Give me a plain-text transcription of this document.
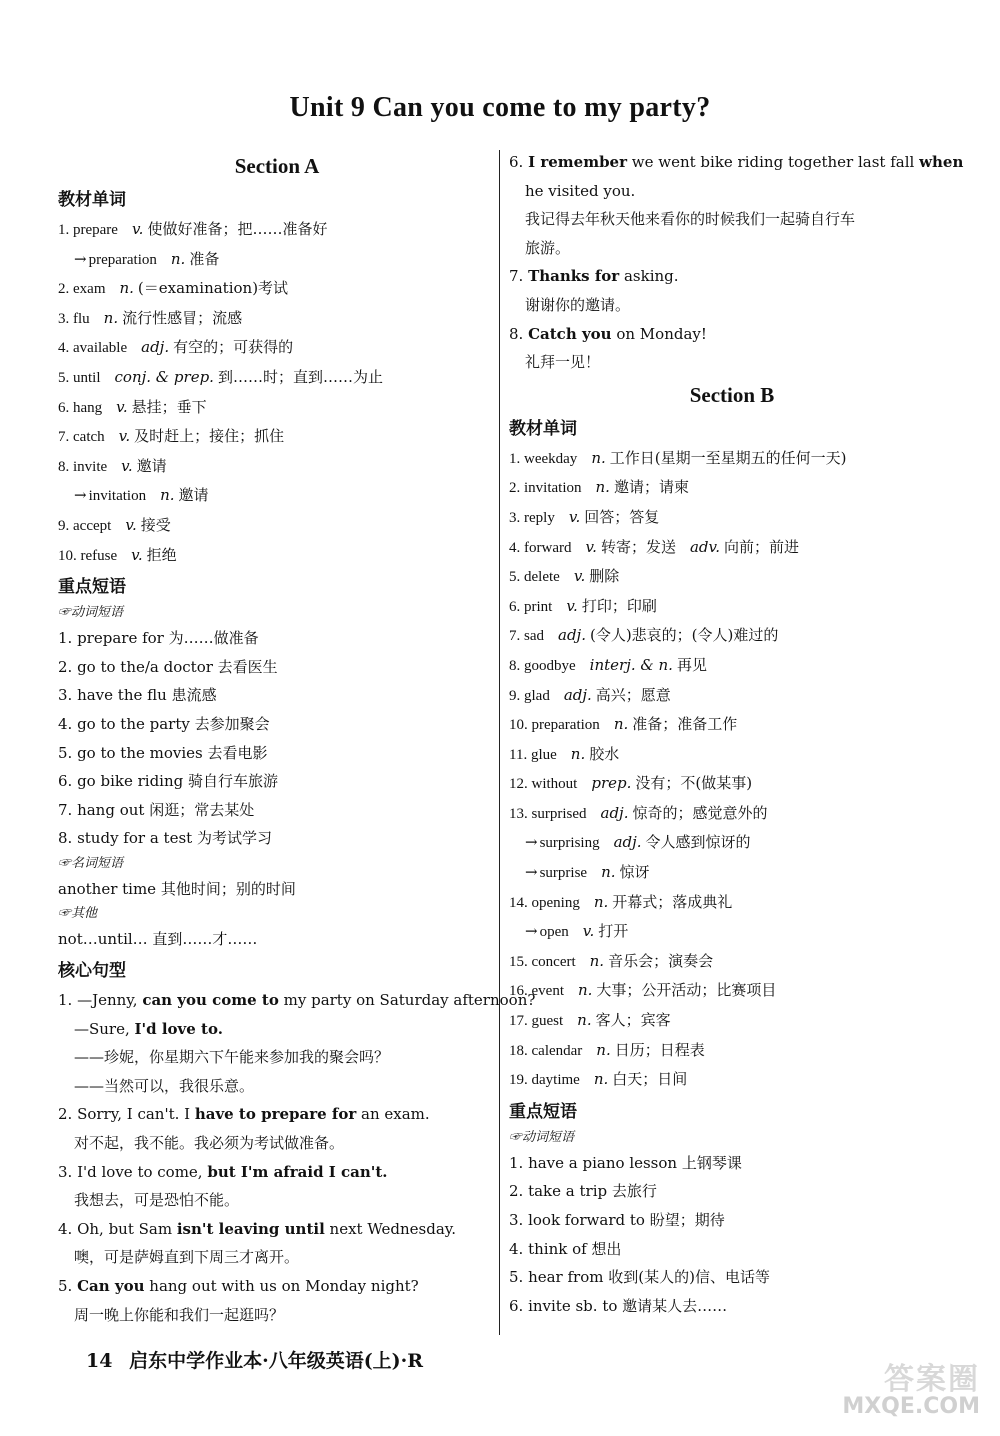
Unit 9 Can you come to my party?
Section A
教材单词
1. prepare v. 使做好准备；把……准备好
→ preparation n. 准备
2. exam n. (＝examination)考试
3. flu n. 流行性感冒；流感
4. available adj. 有空的；可获得的
5. until conj. & prep. 到……时；直到……为止
6. hang v. 悬挂；垂下
7. catch v. 及时赶上；接住；抓住
8. invite v. 邀请
→ invitation n. 邀请
9. accept v. 接受
10. refuse v. 拒绝
重点短语
☞动词短语
1. prepare for 为……做准备
2. go to the/a doctor 去看医生
3. have the flu 患流感
4. go to the party 去参加聚会
5. go to the movies 去看电影
6. go bike riding 骑自行车旅游
7. hang out 闲逛；常去某处
8. study for a test 为考试学习
☞名词短语
another time 其他时间；别的时间
☞其他
not…until… 直到……才……
核心句型
1. —Jenny, can you come to my party on Saturday afternoon?
—Sure, I'd love to.
——珍妮，你星期六下午能来参加我的聚会吗？
——当然可以，我很乐意。
2. Sorry, I can't. I have to prepare for an exam.
对不起，我不能。我必须为考试做准备。
3. I'd love to come, but I'm afraid I can't.
我想去，可是恐怕不能。
4. Oh, but Sam isn't leaving until next Wednesday.
噢，可是萨姆直到下周三才离开。
5. Can you hang out with us on Monday night?
周一晚上你能和我们一起逛吗？
6. I remember we went bike riding together last fall when
he visited you.
我记得去年秋天他来看你的时候我们一起骑自行车
旅游。
7. Thanks for asking.
谢谢你的邀请。
8. Catch you on Monday!
礼拜一见！
Section B
教材单词
1. weekday n. 工作日(星期一至星期五的任何一天)
2. invitation n. 邀请；请柬
3. reply v. 回答；答复
4. forward v. 转寄；发送 adv. 向前；前进
5. delete v. 删除
6. print v. 打印；印刷
7. sad adj. (令人)悲哀的；(令人)难过的
8. goodbye interj. & n. 再见
9. glad adj. 高兴；愿意
10. preparation n. 准备；准备工作
11. glue n. 胶水
12. without prep. 没有；不(做某事)
13. surprised adj. 惊奇的；感觉意外的
→ surprising adj. 令人感到惊讶的
→ surprise n. 惊讶
14. opening n. 开幕式；落成典礼
→ open v. 打开
15. concert n. 音乐会；演奏会
16. event n. 大事；公开活动；比赛项目
17. guest n. 客人；宾客
18. calendar n. 日历；日程表
19. daytime n. 白天；日间
重点短语
☞动词短语
1. have a piano lesson 上钢琴课
2. take a trip 去旅行
3. look forward to 盼望；期待
4. think of 想出
5. hear from 收到(某人的)信、电话等
6. invite sb. to 邀请某人去……
14 启东中学作业本·八年级英语(上)·R
答案圈
MXQE.COM
